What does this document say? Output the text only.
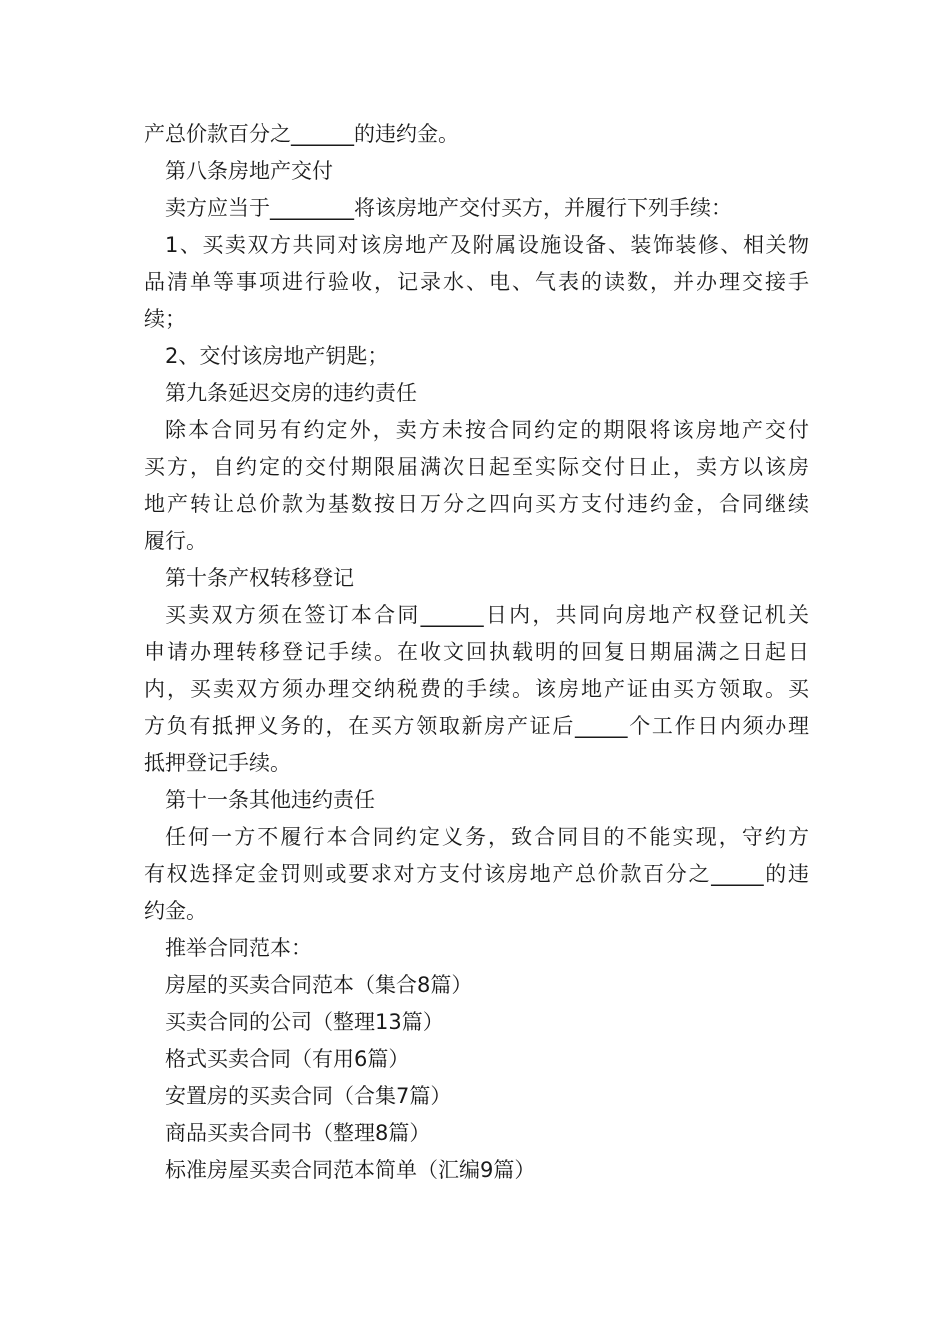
产总价款百分之______的违约金。
第八条房地产交付
卖方应当于________将该房地产交付买方，并履行下列手续：
1、买卖双方共同对该房地产及附属设施设备、装饰装修、相关物
品清单等事项进行验收，记录水、电、气表的读数，并办理交接手
续；
2、交付该房地产钥匙；
第九条延迟交房的违约责任
除本合同另有约定外，卖方未按合同约定的期限将该房地产交付
买方，自约定的交付期限届满次日起至实际交付日止，卖方以该房
地产转让总价款为基数按日万分之四向买方支付违约金，合同继续
履行。
第十条产权转移登记
买卖双方须在签订本合同______日内，共同向房地产权登记机关
申请办理转移登记手续。在收文回执载明的回复日期届满之日起日
内，买卖双方须办理交纳税费的手续。该房地产证由买方领取。买
方负有抵押义务的，在买方领取新房产证后_____个工作日内须办理
抵押登记手续。
第十一条其他违约责任
任何一方不履行本合同约定义务，致合同目的不能实现，守约方
有权选择定金罚则或要求对方支付该房地产总价款百分之_____的违
约金。
推举合同范本：
房屋的买卖合同范本（集合8篇）
买卖合同的公司（整理13篇）
格式买卖合同（有用6篇）
安置房的买卖合同（合集7篇）
商品买卖合同书（整理8篇）
标准房屋买卖合同范本简单（汇编9篇）
